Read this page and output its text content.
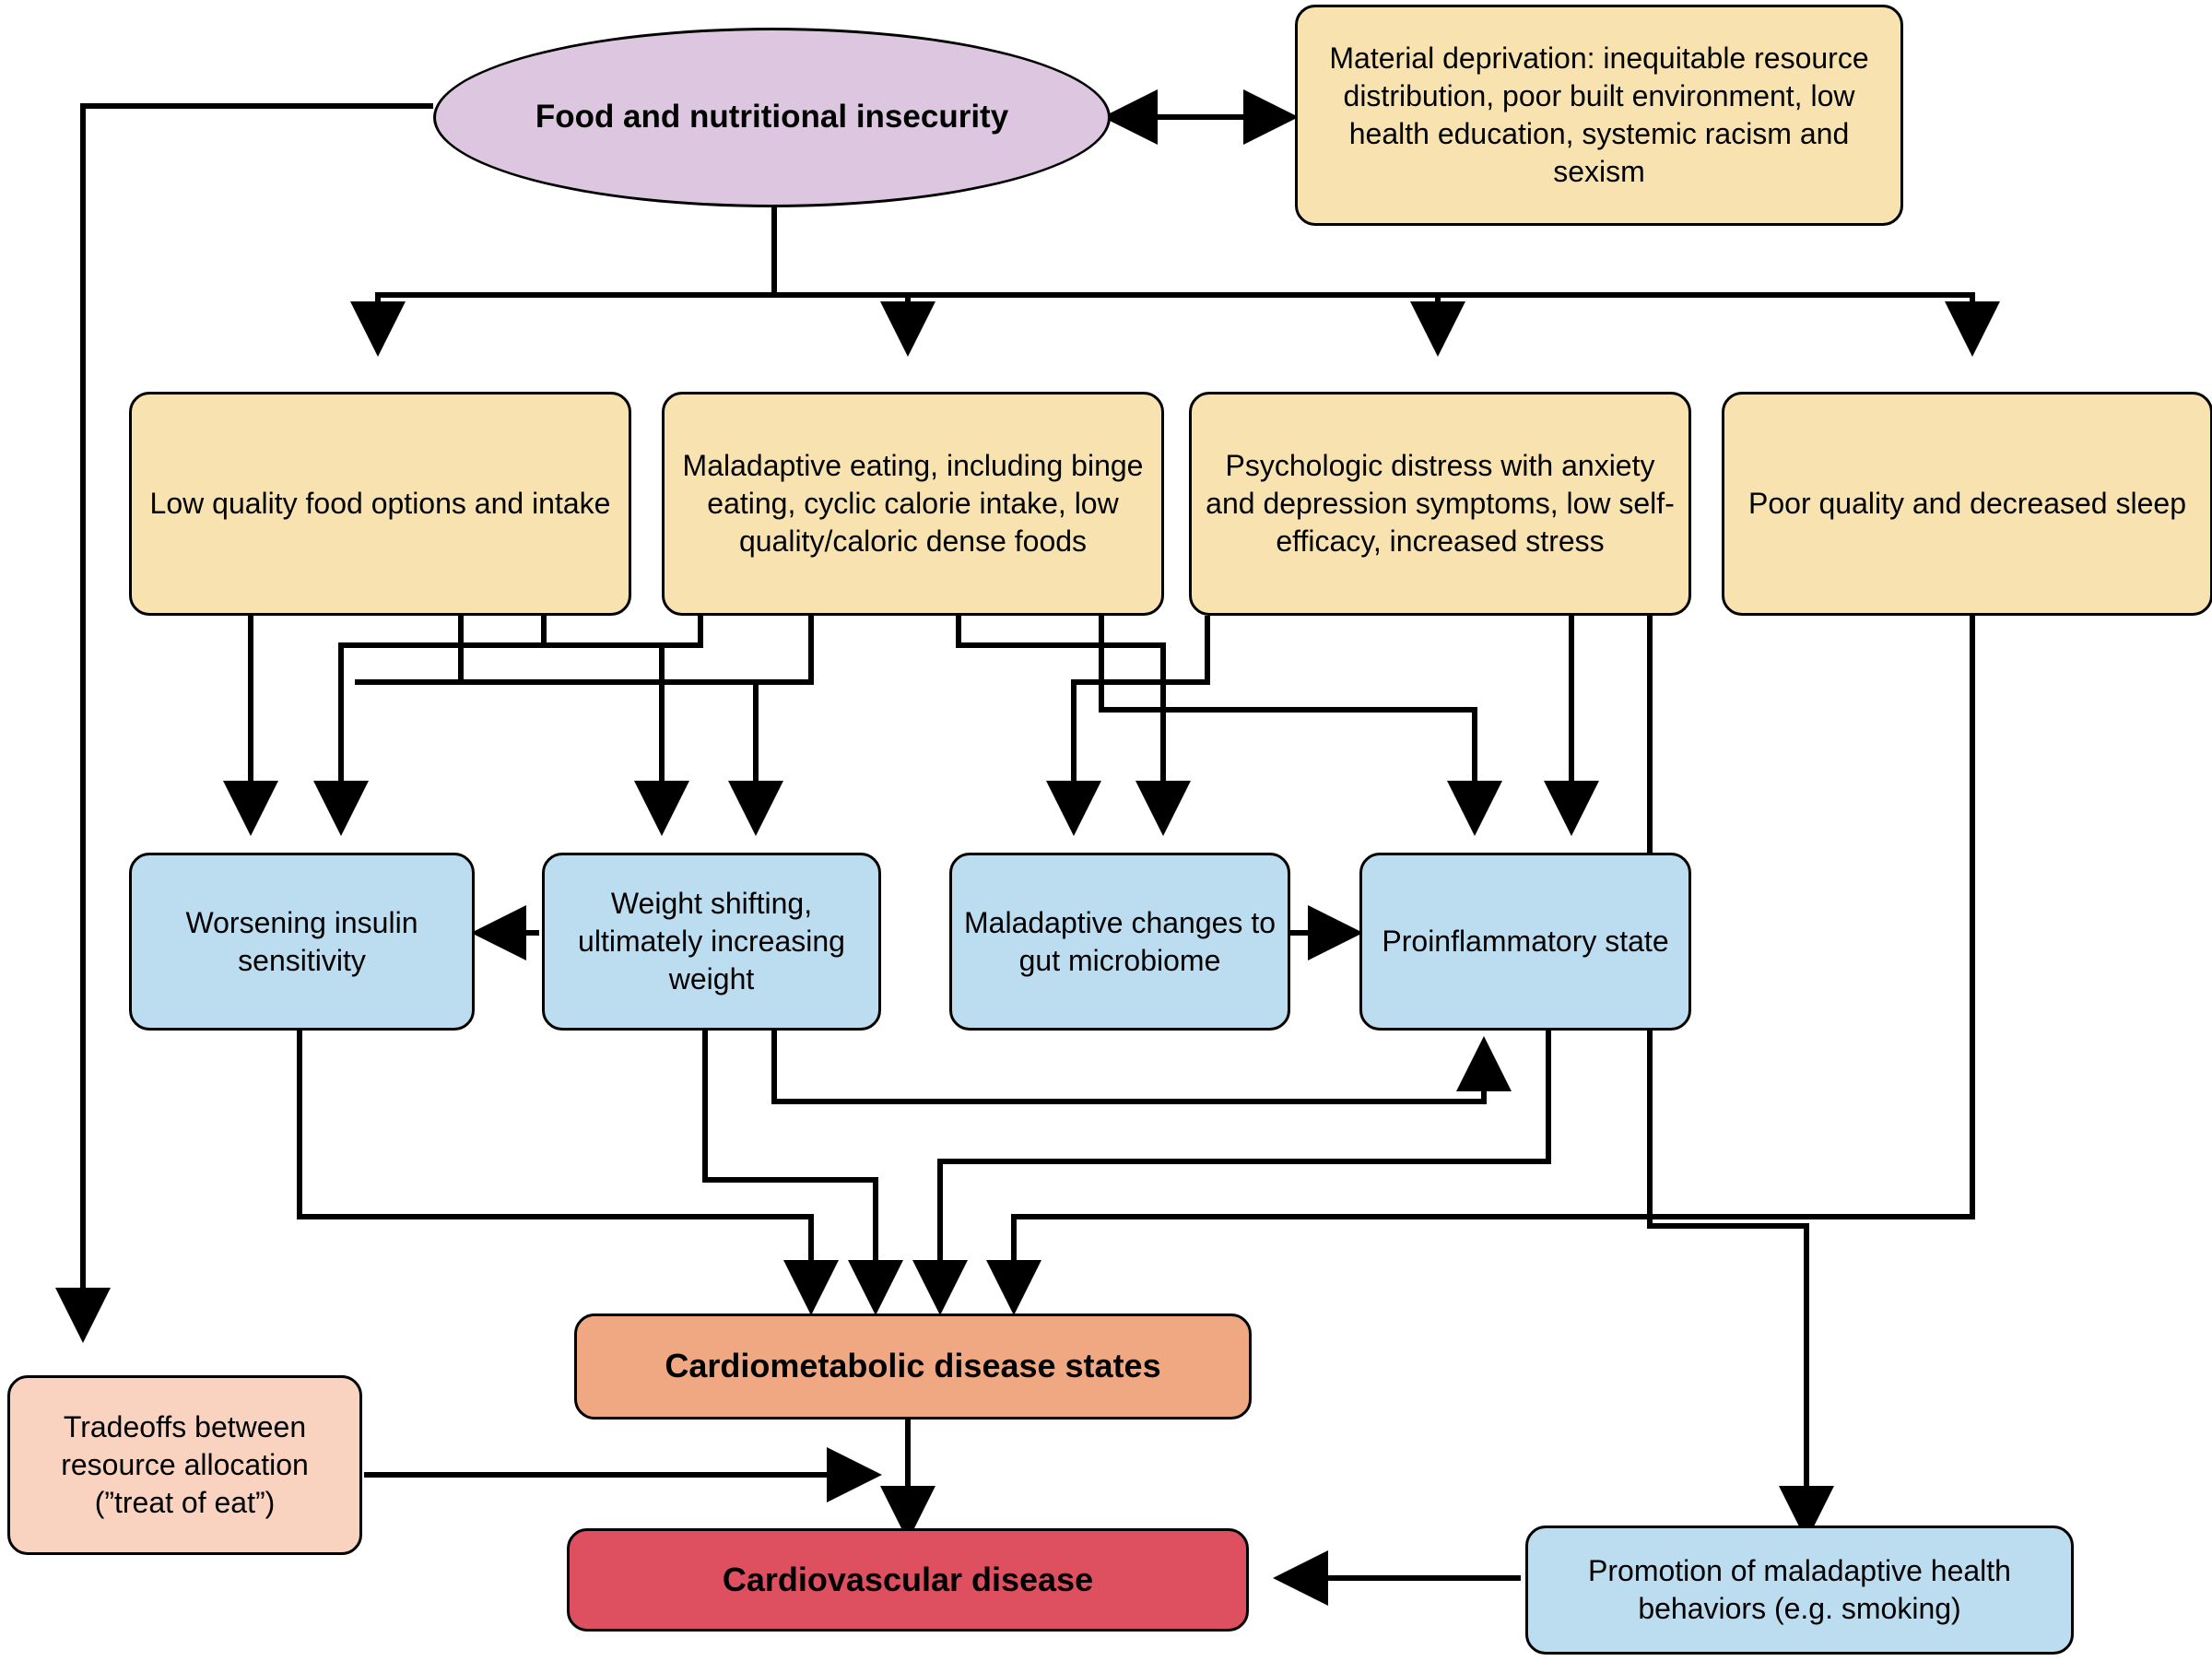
Food and nutritional insecurity
Material deprivation: inequitable resource distribution, poor built environment, low health education, systemic racism and sexism
Low quality food options and intake
Maladaptive eating, including binge eating, cyclic calorie intake, low quality/caloric dense foods
Psychologic distress with anxiety and depression symptoms, low self-efficacy, increased stress
Poor quality and decreased sleep
Worsening insulin sensitivity
Weight shifting, ultimately increasing weight
Maladaptive changes to gut microbiome
Proinflammatory state
Cardiometabolic disease states
Tradeoffs between resource allocation (”treat of eat”)
Cardiovascular disease	Promotion of maladaptive health behaviors (e.g. smoking)
